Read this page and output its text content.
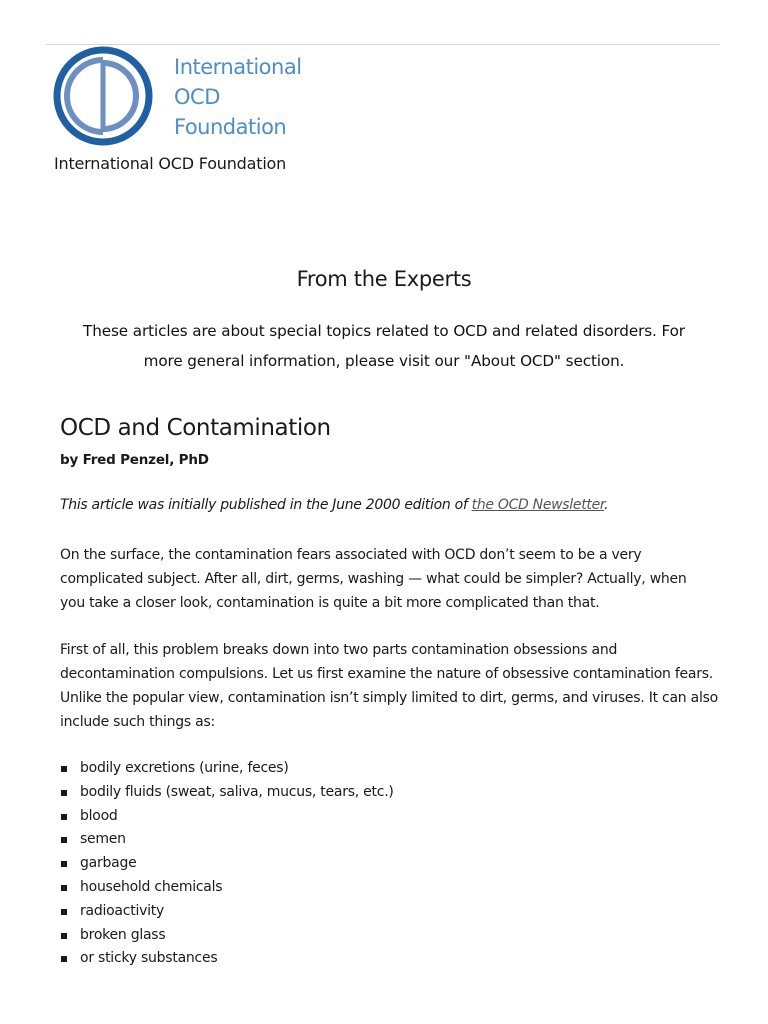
International
OCD
Foundation
International OCD Foundation
From the Experts
These articles are about special topics related to OCD and related disorders. For
more general information, please visit our "About OCD" section.
OCD and Contamination
by Fred Penzel, PhD
This article was initially published in the June 2000 edition of the OCD Newsletter.
On the surface, the contamination fears associated with OCD don’t seem to be a very
complicated subject. After all, dirt, germs, washing — what could be simpler? Actually, when
you take a closer look, contamination is quite a bit more complicated than that.
First of all, this problem breaks down into two parts contamination obsessions and
decontamination compulsions. Let us first examine the nature of obsessive contamination fears.
Unlike the popular view, contamination isn’t simply limited to dirt, germs, and viruses. It can also
include such things as:
bodily excretions (urine, feces)
bodily fluids (sweat, saliva, mucus, tears, etc.)
blood
semen
garbage
household chemicals
radioactivity
broken glass
or sticky substances
